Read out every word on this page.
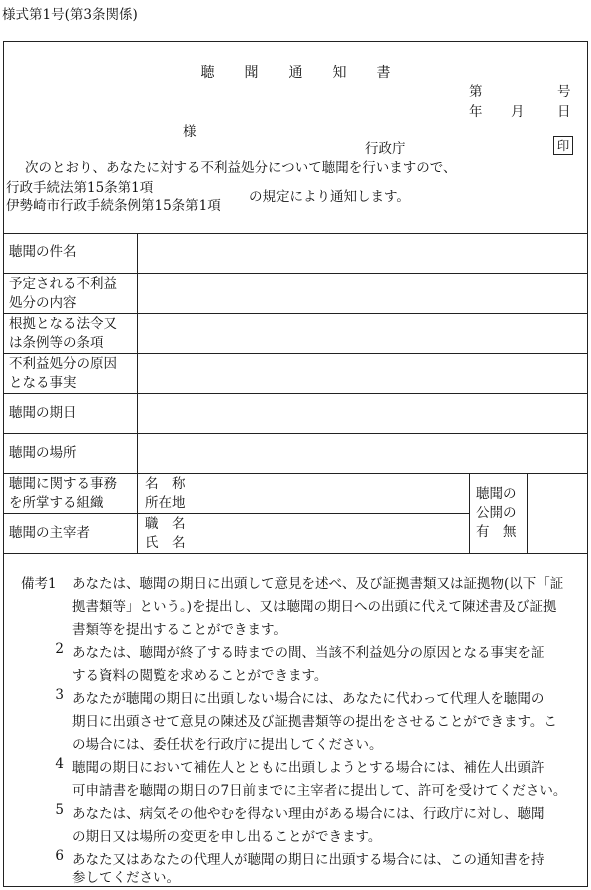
様式第1号(第3条関係)
聴 聞 通 知 書
第	号
年 月 日
様
行政庁	印
次のとおり、あなたに対する不利益処分について聴聞を行いますので、
行政手続法第15条第1項
伊勢崎市行政手続条例第15条第1項
の規定により通知します。
聴聞の件名
予定される不利益
処分の内容
根拠となる法令又
は条例等の条項
不利益処分の原因
となる事実
聴聞の期日
聴聞の場所
聴聞に関する事務
を所掌する組織
名　称
所在地
聴聞の主宰者
職　名
氏　名
聴聞の
公開の
有　無
備考1 あなたは、聴聞の期日に出頭して意見を述べ、及び証拠書類又は証拠物(以下「証
拠書類等」という。)を提出し、又は聴聞の期日への出頭に代えて陳述書及び証拠
書類等を提出することができます。
2 あなたは、聴聞が終了する時までの間、当該不利益処分の原因となる事実を証
する資料の閲覧を求めることができます。
3 あなたが聴聞の期日に出頭しない場合には、あなたに代わって代理人を聴聞の
期日に出頭させて意見の陳述及び証拠書類等の提出をさせることができます。こ
の場合には、委任状を行政庁に提出してください。
4 聴聞の期日において補佐人とともに出頭しようとする場合には、補佐人出頭許
可申請書を聴聞の期日の7日前までに主宰者に提出して、許可を受けてください。
5 あなたは、病気その他やむを得ない理由がある場合には、行政庁に対し、聴聞
の期日又は場所の変更を申し出ることができます。
6 あなた又はあなたの代理人が聴聞の期日に出頭する場合には、この通知書を持
参してください。
